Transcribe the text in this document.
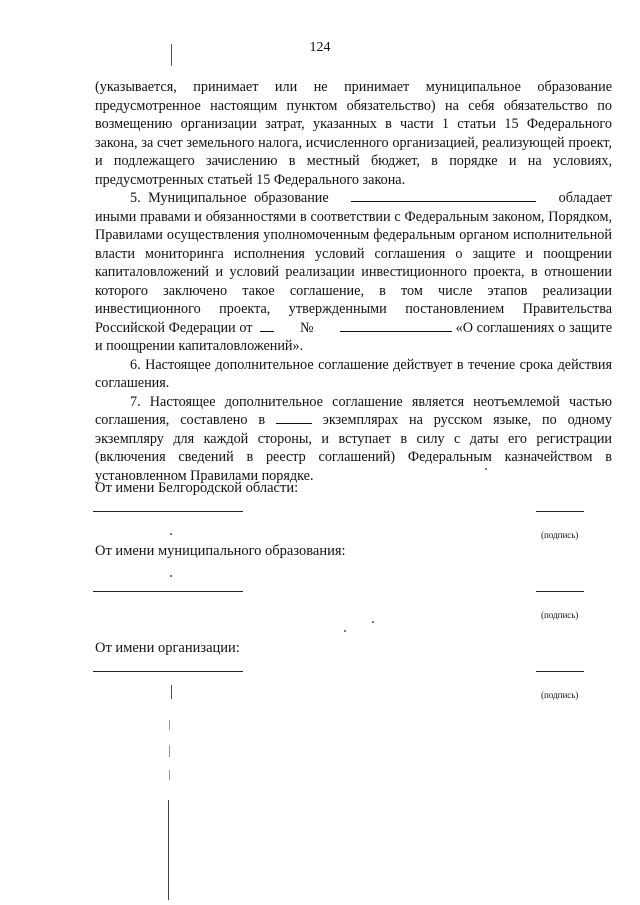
124

(указывается, принимает или не принимает муниципальное образование предусмотренное настоящим пунктом обязательство) на себя обязательство по возмещению организации затрат, указанных в части 1 статьи 15 Федерального закона, за счет земельного налога, исчисленного организацией, реализующей проект, и подлежащего зачислению в местный бюджет, в порядке и на условиях, предусмотренных статьей 15 Федерального закона.

5. Муниципальное образование	обладает иными правами и обязанностями в соответствии с Федеральным законом, Порядком, Правилами осуществления уполномоченным федеральным органом исполнительной власти мониторинга исполнения условий соглашения о защите и поощрении капиталовложений и условий реализации инвестиционного проекта, в отношении которого заключено такое соглашение, в том числе этапов реализации инвестиционного проекта, утвержденными постановлением Правительства Российской Федерации от	№	«О соглашениях о защите и поощрении капиталовложений».

6. Настоящее дополнительное соглашение действует в течение срока действия соглашения.

7. Настоящее дополнительное соглашение является неотъемлемой частью соглашения, составлено в	экземплярах на русском языке, по одному экземпляру для каждой стороны, и вступает в силу с даты его регистрации (включения сведений в реестр соглашений) Федеральным казначейством в установленном Правилами порядке.

От имени Белгородской области:
(подпись)
От имени муниципального образования:
(подпись)
От имени организации:
(подпись)
